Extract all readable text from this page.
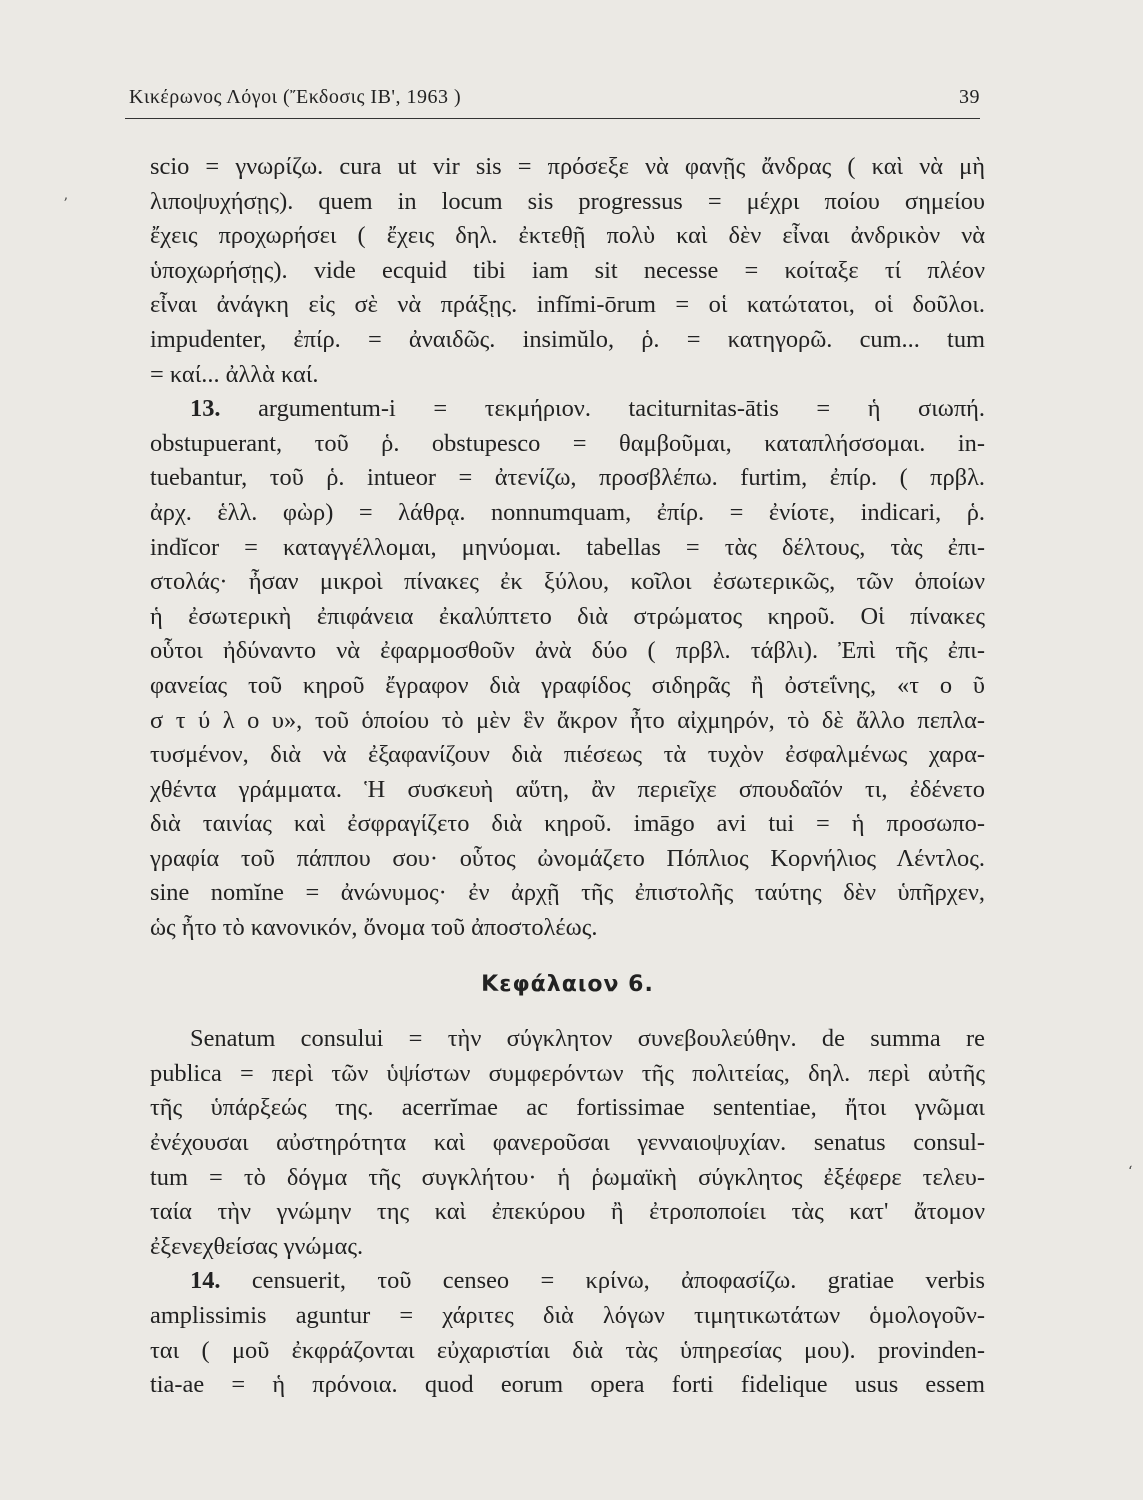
Κικέρωνος Λόγοι (Ἔκδοσις ΙΒ', 1963 )	39
ʼ
ʻ
scio = γνωρίζω. cura ut vir sis = πρόσεξε νὰ φανῇς ἄνδρας ( καὶ νὰ μὴ
λιποψυχήσῃς). quem in locum sis progressus = μέχρι ποίου σημείου
ἔχεις προχωρήσει ( ἔχεις δηλ. ἐκτεθῇ πολὺ καὶ δὲν εἶναι ἀνδρικὸν νὰ
ὑποχωρήσῃς). vide ecquid tibi iam sit necesse = κοίταξε τί πλέον
εἶναι ἀνάγκη εἰς σὲ νὰ πράξῃς. infĭmi-ōrum = οἱ κατώτατοι, οἱ δοῦλοι.
impudenter, ἐπίρ. = ἀναιδῶς. insimŭlo, ῥ. = κατηγορῶ. cum... tum
= καί... ἀλλὰ καί.
13. argumentum-i = τεκμήριον. taciturnitas-ātis = ἡ σιωπή.
obstupuerant, τοῦ ῥ. obstupesco = θαμβοῦμαι, καταπλήσσομαι. in-
tuebantur, τοῦ ῥ. intueor = ἀτενίζω, προσβλέπω. furtim, ἐπίρ. ( πρβλ.
ἀρχ. ἑλλ. φὼρ) = λάθρᾳ. nonnumquam, ἐπίρ. = ἐνίοτε, indicari, ῥ.
indĭcor = καταγγέλλομαι, μηνύομαι. tabellas = τὰς δέλτους, τὰς ἐπι-
στολάς· ἦσαν μικροὶ πίνακες ἐκ ξύλου, κοῖλοι ἐσωτερικῶς, τῶν ὁποίων
ἡ ἐσωτερικὴ ἐπιφάνεια ἐκαλύπτετο διὰ στρώματος κηροῦ. Οἱ πίνακες
οὗτοι ἠδύναντο νὰ ἐφαρμοσθοῦν ἀνὰ δύο ( πρβλ. τάβλι). Ἐπὶ τῆς ἐπι-
φανείας τοῦ κηροῦ ἔγραφον διὰ γραφίδος σιδηρᾶς ἢ ὀστεΐνης, «τ ο ῦ
σ τ ύ λ ο υ», τοῦ ὁποίου τὸ μὲν ἓν ἄκρον ἦτο αἰχμηρόν, τὸ δὲ ἄλλο πεπλα-
τυσμένον, διὰ νὰ ἐξαφανίζουν διὰ πιέσεως τὰ τυχὸν ἐσφαλμένως χαρα-
χθέντα γράμματα. Ἡ συσκευὴ αὕτη, ἂν περιεῖχε σπουδαῖόν τι, ἐδένετο
διὰ ταινίας καὶ ἐσφραγίζετο διὰ κηροῦ. imāgo avi tui = ἡ προσωπο-
γραφία τοῦ πάππου σου· οὗτος ὠνομάζετο Πόπλιος Κορνήλιος Λέντλος.
sine nomĭne = ἀνώνυμος· ἐν ἀρχῇ τῆς ἐπιστολῆς ταύτης δὲν ὑπῆρχεν,
ὡς ἦτο τὸ κανονικόν, ὄνομα τοῦ ἀποστολέως.
Κεφάλαιον 6.
Senatum consului = τὴν σύγκλητον συνεβουλεύθην. de summa re
publica = περὶ τῶν ὑψίστων συμφερόντων τῆς πολιτείας, δηλ. περὶ αὐτῆς
τῆς ὑπάρξεώς της. acerrĭmae ac fortissimae sententiae, ἤτοι γνῶμαι
ἐνέχουσαι αὐστηρότητα καὶ φανεροῦσαι γενναιοψυχίαν. senatus consul-
tum = τὸ δόγμα τῆς συγκλήτου· ἡ ῥωμαϊκὴ σύγκλητος ἐξέφερε τελευ-
ταία τὴν γνώμην της καὶ ἐπεκύρου ἢ ἐτροποποίει τὰς κατ' ἄτομον
ἐξενεχθείσας γνώμας.
14. censuerit, τοῦ censeo = κρίνω, ἀποφασίζω. gratiae verbis
amplissimis aguntur = χάριτες διὰ λόγων τιμητικωτάτων ὁμολογοῦν-
ται ( μοῦ ἐκφράζονται εὐχαριστίαι διὰ τὰς ὑπηρεσίας μου). provinden-
tia-ae = ἡ πρόνοια. quod eorum opera forti fidelique usus essem
